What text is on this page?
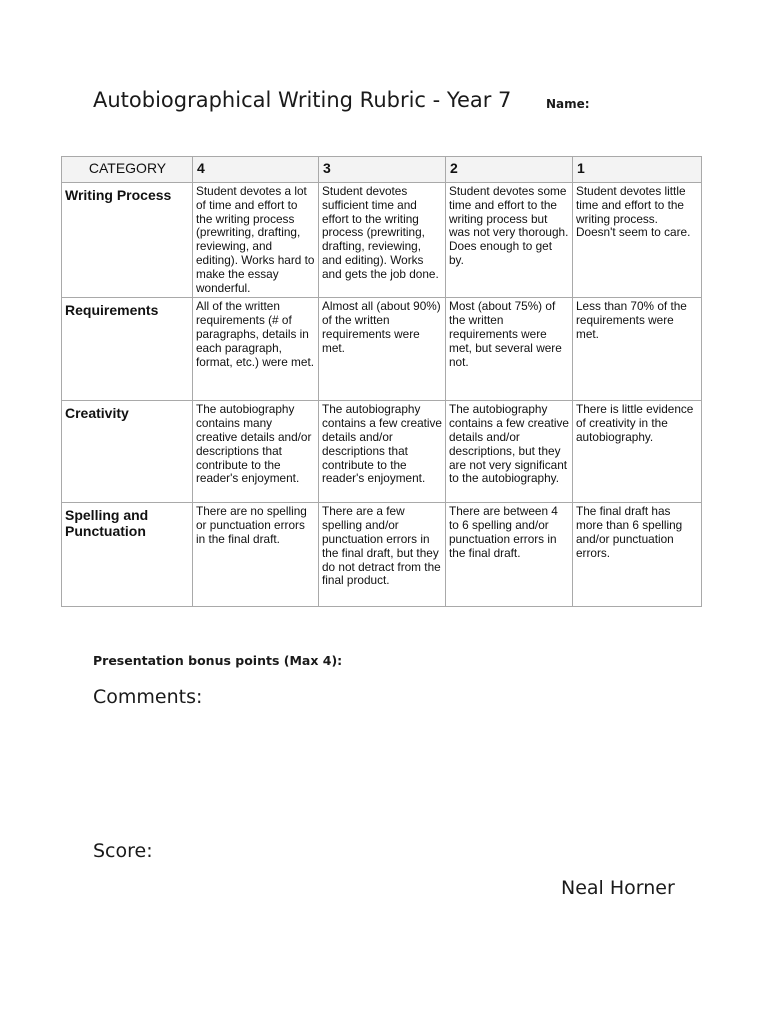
Autobiographical Writing Rubric - Year 7	Name:
CATEGORY	4	3	2	1
Writing Process	Student devotes a lot of time and effort to the writing process (prewriting, drafting, reviewing, and editing). Works hard to make the essay wonderful.	Student devotes sufficient time and effort to the writing process (prewriting, drafting, reviewing, and editing). Works and gets the job done.	Student devotes some time and effort to the writing process but was not very thorough. Does enough to get by.	Student devotes little time and effort to the writing process. Doesn't seem to care.
Requirements	All of the written requirements (# of paragraphs, details in each paragraph, format, etc.) were met.	Almost all (about 90%) of the written requirements were met.	Most (about 75%) of the written requirements were met, but several were not.	Less than 70% of the requirements were met.
Creativity	The autobiography contains many creative details and/or descriptions that contribute to the reader's enjoyment.	The autobiography contains a few creative details and/or descriptions that contribute to the reader's enjoyment.	The autobiography contains a few creative details and/or descriptions, but they are not very significant to the autobiography.	There is little evidence of creativity in the autobiography.
Spelling and Punctuation	There are no spelling or punctuation errors in the final draft.	There are a few spelling and/or punctuation errors in the final draft, but they do not detract from the final product.	There are between 4 to 6 spelling and/or punctuation errors in the final draft.	The final draft has more than 6 spelling and/or punctuation errors.
Presentation bonus points (Max 4):
Comments:
Score:
Neal Horner
